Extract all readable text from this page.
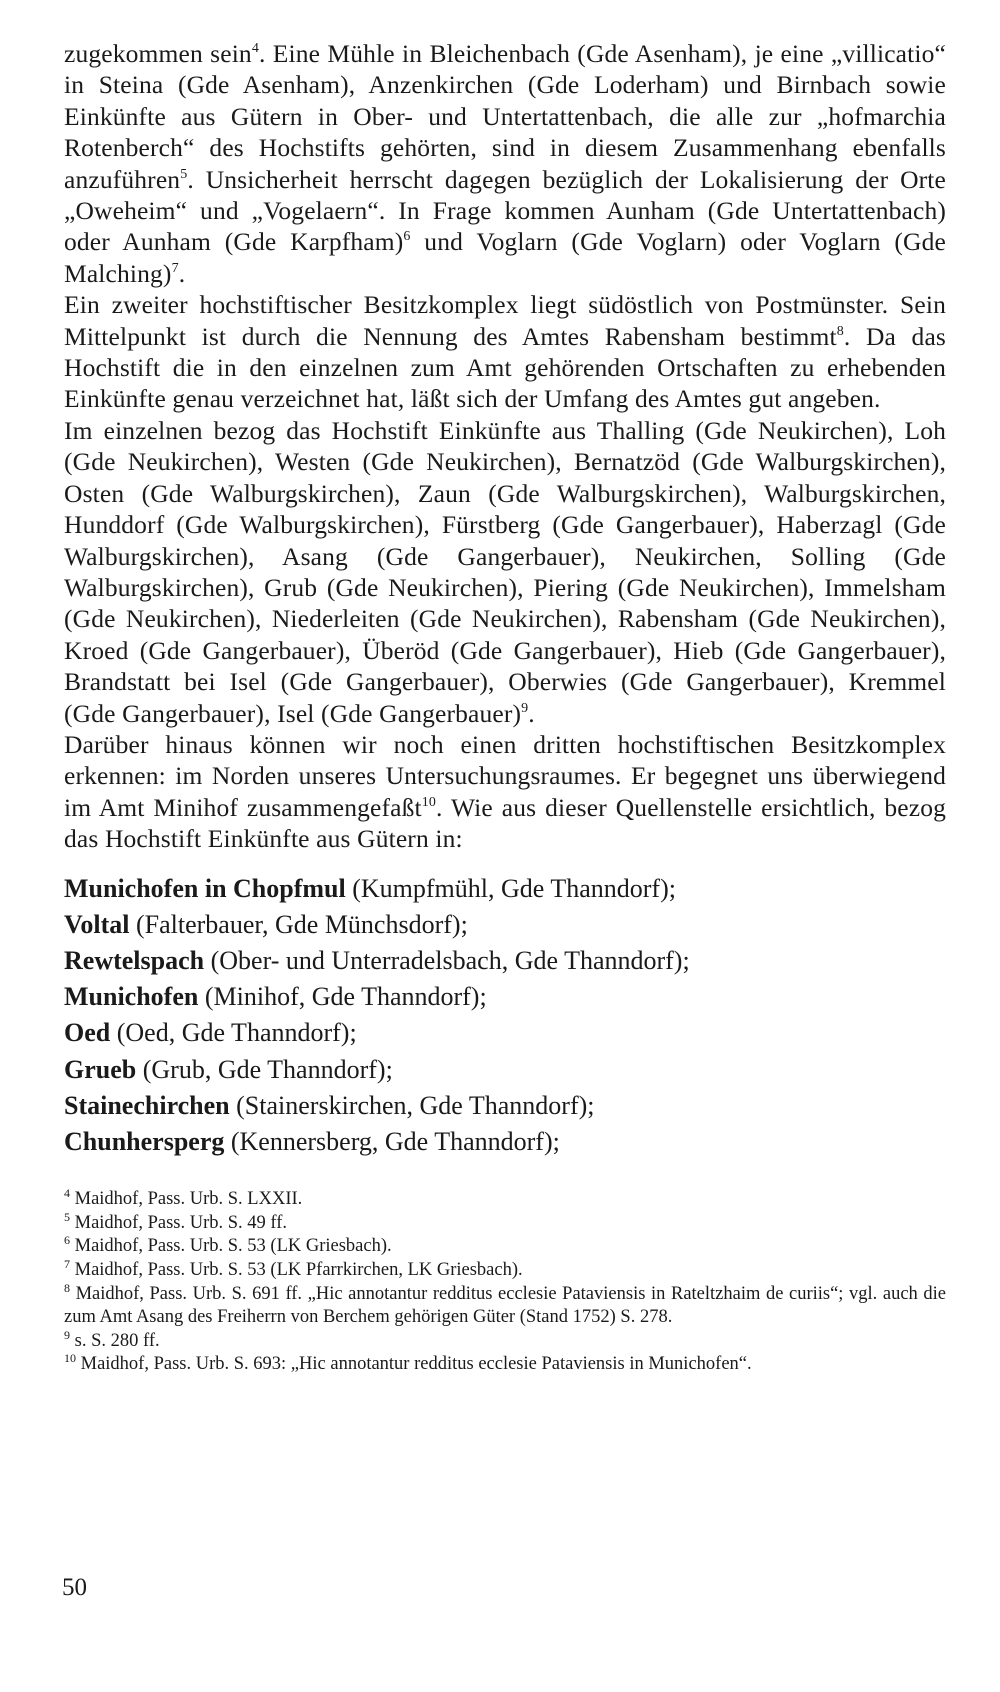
zugekommen sein$^4$. Eine Mühle in Bleichenbach (Gde Asenham), je eine „villicatio“ in Steina (Gde Asenham), Anzenkirchen (Gde Loderham) und Birnbach sowie Einkünfte aus Gütern in Ober- und Untertattenbach, die alle zur „hofmarchia Rotenberch“ des Hochstifts gehörten, sind in diesem Zusammenhang ebenfalls anzuführen$^5$. Unsicherheit herrscht dagegen bezüglich der Lokalisierung der Orte „Oweheim“ und „Vogelaern“. In Frage kommen Aunham (Gde Untertattenbach) oder Aunham (Gde Karpfham)$^6$ und Voglarn (Gde Voglarn) oder Voglarn (Gde Malching)$^7$.

Ein zweiter hochstiftischer Besitzkomplex liegt südöstlich von Postmünster. Sein Mittelpunkt ist durch die Nennung des Amtes Rabensham bestimmt$^8$. Da das Hochstift die in den einzelnen zum Amt gehörenden Ortschaften zu erhebenden Einkünfte genau verzeichnet hat, läßt sich der Umfang des Amtes gut angeben.

Im einzelnen bezog das Hochstift Einkünfte aus Thalling (Gde Neukirchen), Loh (Gde Neukirchen), Westen (Gde Neukirchen), Bernatzöd (Gde Walburgskirchen), Osten (Gde Walburgskirchen), Zaun (Gde Walburgskirchen), Walburgskirchen, Hunddorf (Gde Walburgskirchen), Fürstberg (Gde Gangerbauer), Haberzagl (Gde Walburgskirchen), Asang (Gde Gangerbauer), Neukirchen, Solling (Gde Walburgskirchen), Grub (Gde Neukirchen), Piering (Gde Neukirchen), Immelsham (Gde Neukirchen), Niederleiten (Gde Neukirchen), Rabensham (Gde Neukirchen), Kroed (Gde Gangerbauer), Überöd (Gde Gangerbauer), Hieb (Gde Gangerbauer), Brandstatt bei Isel (Gde Gangerbauer), Oberwies (Gde Gangerbauer), Kremmel (Gde Gangerbauer), Isel (Gde Gangerbauer)$^9$.

Darüber hinaus können wir noch einen dritten hochstiftischen Besitzkomplex erkennen: im Norden unseres Untersuchungsraumes. Er begegnet uns überwiegend im Amt Minihof zusammengefaßt$^{10}$. Wie aus dieser Quellenstelle ersichtlich, bezog das Hochstift Einkünfte aus Gütern in:

Munichofen in Chopfmul (Kumpfmühl, Gde Thanndorf);
Voltal (Falterbauer, Gde Münchsdorf);
Rewtelspach (Ober- und Unterradelsbach, Gde Thanndorf);
Munichofen (Minihof, Gde Thanndorf);
Oed (Oed, Gde Thanndorf);
Grueb (Grub, Gde Thanndorf);
Stainechirchen (Stainerskirchen, Gde Thanndorf);
Chunhersperg (Kennersberg, Gde Thanndorf);
$^4$ Maidhof, Pass. Urb. S. LXXII.
$^5$ Maidhof, Pass. Urb. S. 49 ff.
$^6$ Maidhof, Pass. Urb. S. 53 (LK Griesbach).
$^7$ Maidhof, Pass. Urb. S. 53 (LK Pfarrkirchen, LK Griesbach).
$^8$ Maidhof, Pass. Urb. S. 691 ff. „Hic annotantur redditus ecclesie Pataviensis in Rateltzhaim de curiis“; vgl. auch die zum Amt Asang des Freiherrn von Berchem gehörigen Güter (Stand 1752) S. 278.
$^9$ s. S. 280 ff.
$^{10}$ Maidhof, Pass. Urb. S. 693: „Hic annotantur redditus ecclesie Pataviensis in Munichofen“.
50
